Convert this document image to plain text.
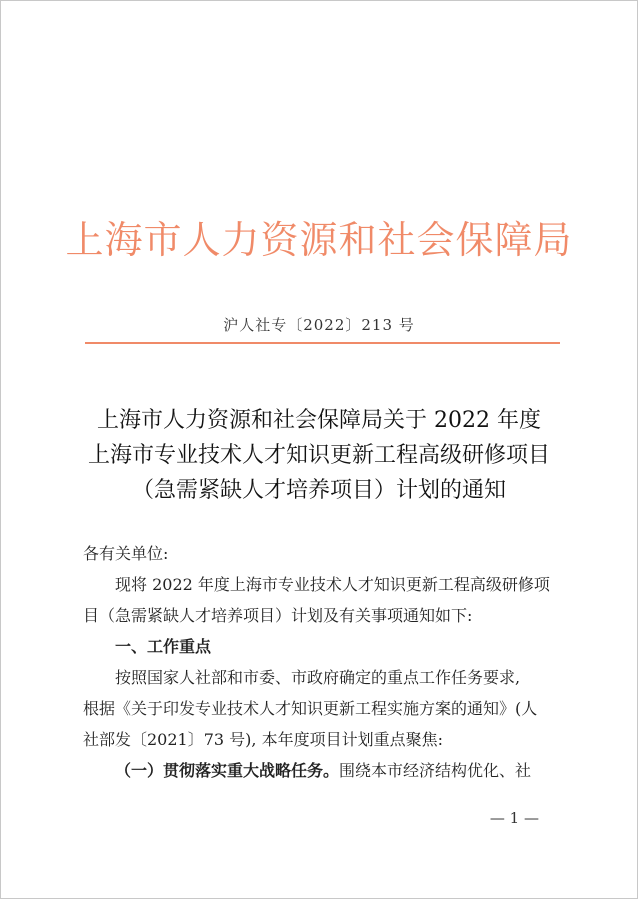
上海市人力资源和社会保障局
沪人社专〔2022〕213 号
上海市人力资源和社会保障局关于 2022 年度
上海市专业技术人才知识更新工程高级研修项目
（急需紧缺人才培养项目）计划的通知
各有关单位:
现将 2022 年度上海市专业技术人才知识更新工程高级研修项
目（急需紧缺人才培养项目）计划及有关事项通知如下:
一、工作重点
按照国家人社部和市委、市政府确定的重点工作任务要求,
根据《关于印发专业技术人才知识更新工程实施方案的通知》(人
社部发〔2021〕73 号), 本年度项目计划重点聚焦:
（一）贯彻落实重大战略任务。围绕本市经济结构优化、社
— 1 —
